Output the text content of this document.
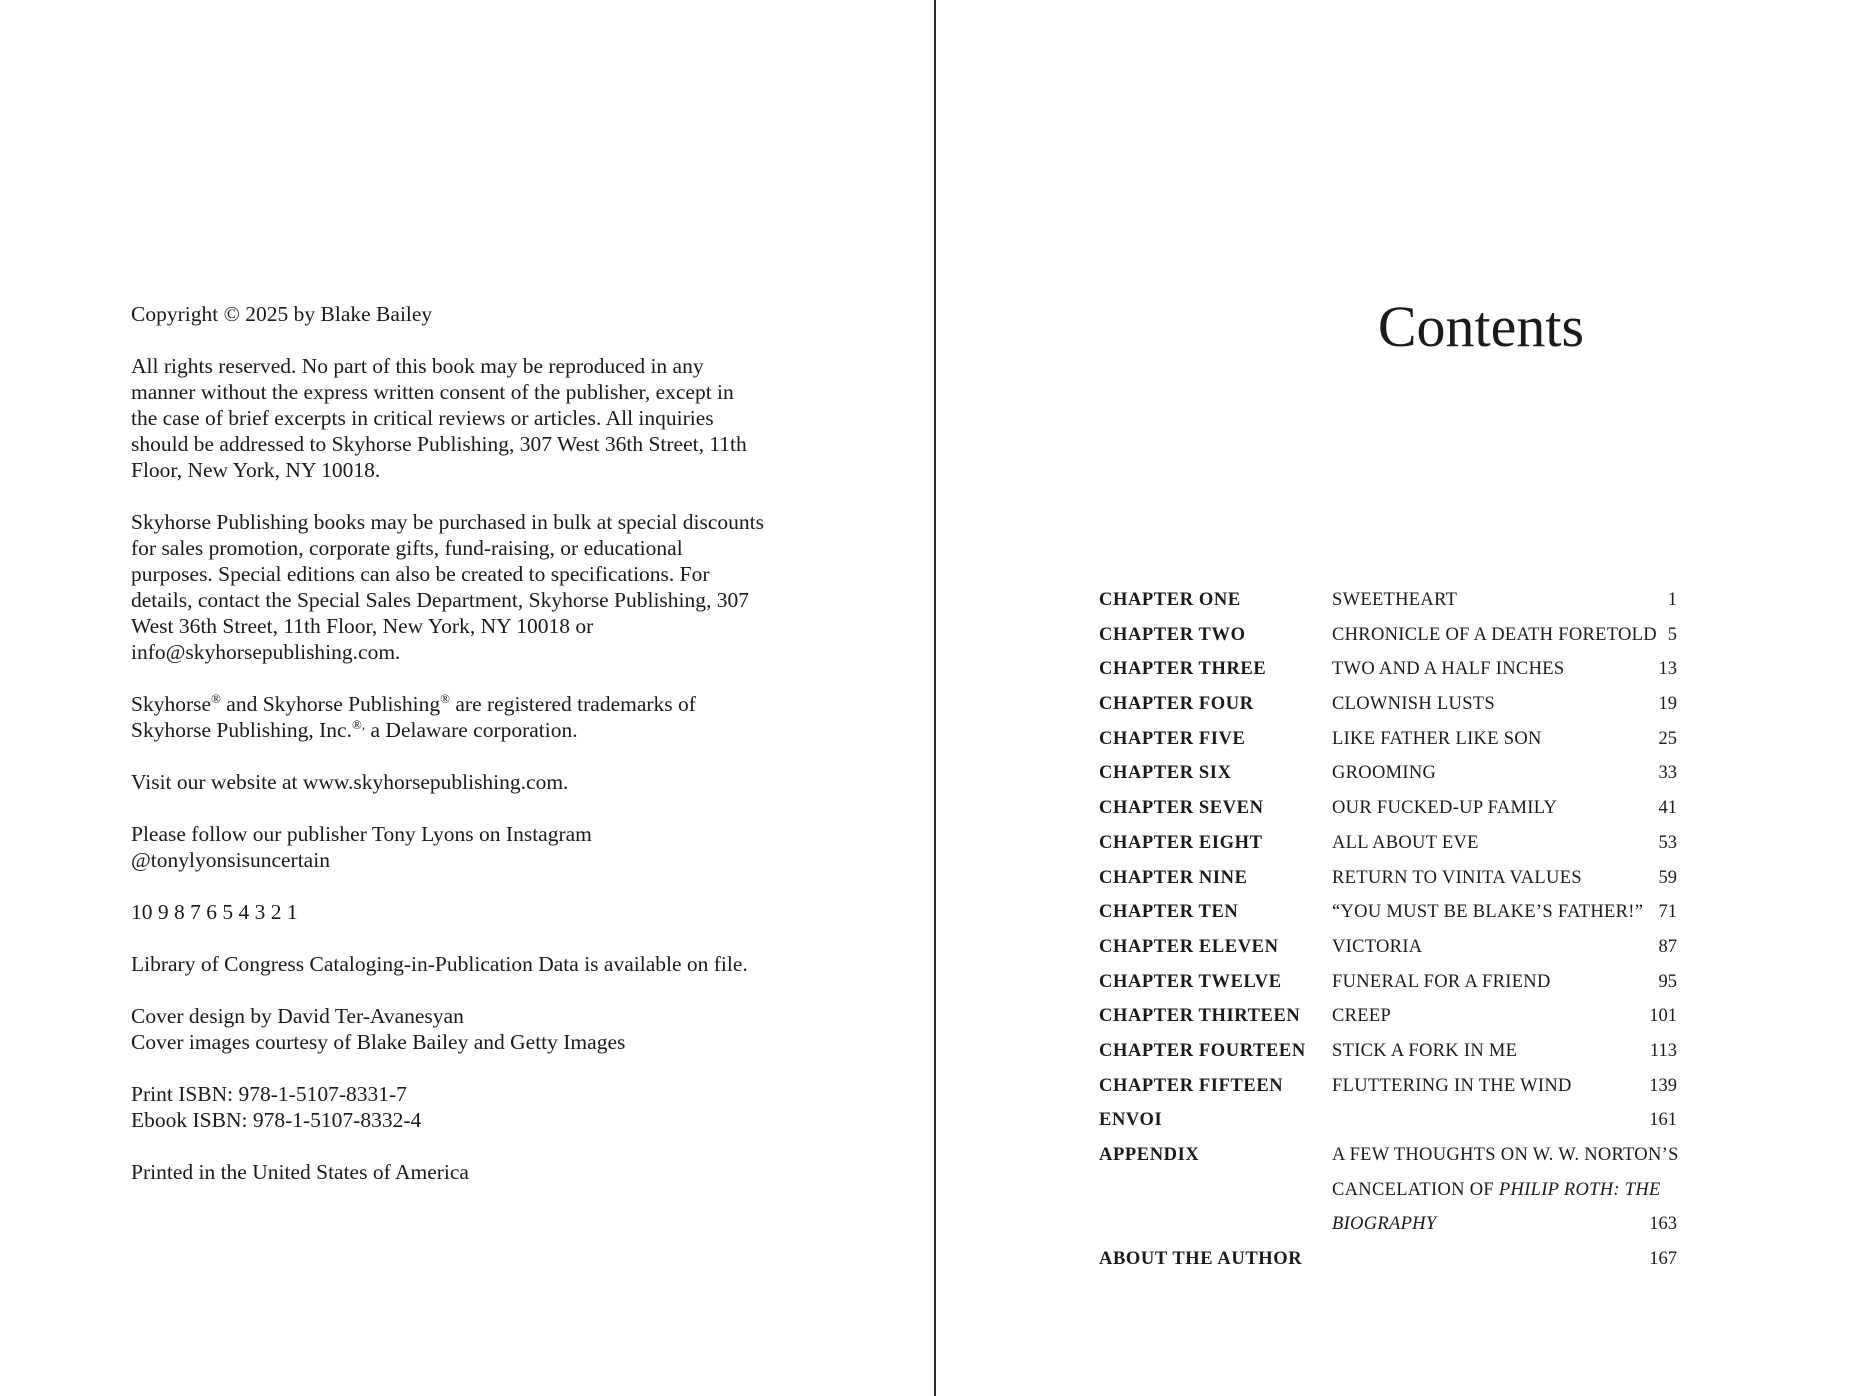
Copyright © 2025 by Blake Bailey

All rights reserved. No part of this book may be reproduced in any manner without the express written consent of the publisher, except in the case of brief excerpts in critical reviews or articles. All inquiries should be addressed to Skyhorse Publishing, 307 West 36th Street, 11th Floor, New York, NY 10018.

Skyhorse Publishing books may be purchased in bulk at special discounts for sales promotion, corporate gifts, fund-raising, or educational purposes. Special editions can also be created to specifications. For details, contact the Special Sales Department, Skyhorse Publishing, 307 West 36th Street, 11th Floor, New York, NY 10018 or info@skyhorsepublishing.com.

Skyhorse® and Skyhorse Publishing® are registered trademarks of Skyhorse Publishing, Inc.®, a Delaware corporation.

Visit our website at www.skyhorsepublishing.com.

Please follow our publisher Tony Lyons on Instagram
@tonylyonsisuncertain

10 9 8 7 6 5 4 3 2 1

Library of Congress Cataloging-in-Publication Data is available on file.

Cover design by David Ter-Avanesyan
Cover images courtesy of Blake Bailey and Getty Images

Print ISBN: 978-1-5107-8331-7
Ebook ISBN: 978-1-5107-8332-4

Printed in the United States of America

Contents
CHAPTER ONE	SWEETHEART	1
CHAPTER TWO	CHRONICLE OF A DEATH FORETOLD 5
CHAPTER THREE	TWO AND A HALF INCHES	13
CHAPTER FOUR	CLOWNISH LUSTS	19
CHAPTER FIVE	LIKE FATHER LIKE SON	25
CHAPTER SIX	GROOMING	33
CHAPTER SEVEN	OUR FUCKED-UP FAMILY	41
CHAPTER EIGHT	ALL ABOUT EVE	53
CHAPTER NINE	RETURN TO VINITA VALUES	59
CHAPTER TEN	“YOU MUST BE BLAKE’S FATHER!” 71
CHAPTER ELEVEN	VICTORIA	87
CHAPTER TWELVE	FUNERAL FOR A FRIEND	95
CHAPTER THIRTEEN CREEP	101
CHAPTER FOURTEEN STICK A FORK IN ME	113
CHAPTER FIFTEEN	FLUTTERING IN THE WIND	139
ENVOI	161
APPENDIX	A FEW THOUGHTS ON W. W. NORTON’S
CANCELATION OF PHILIP ROTH: THE
BIOGRAPHY	163
ABOUT THE AUTHOR	167
